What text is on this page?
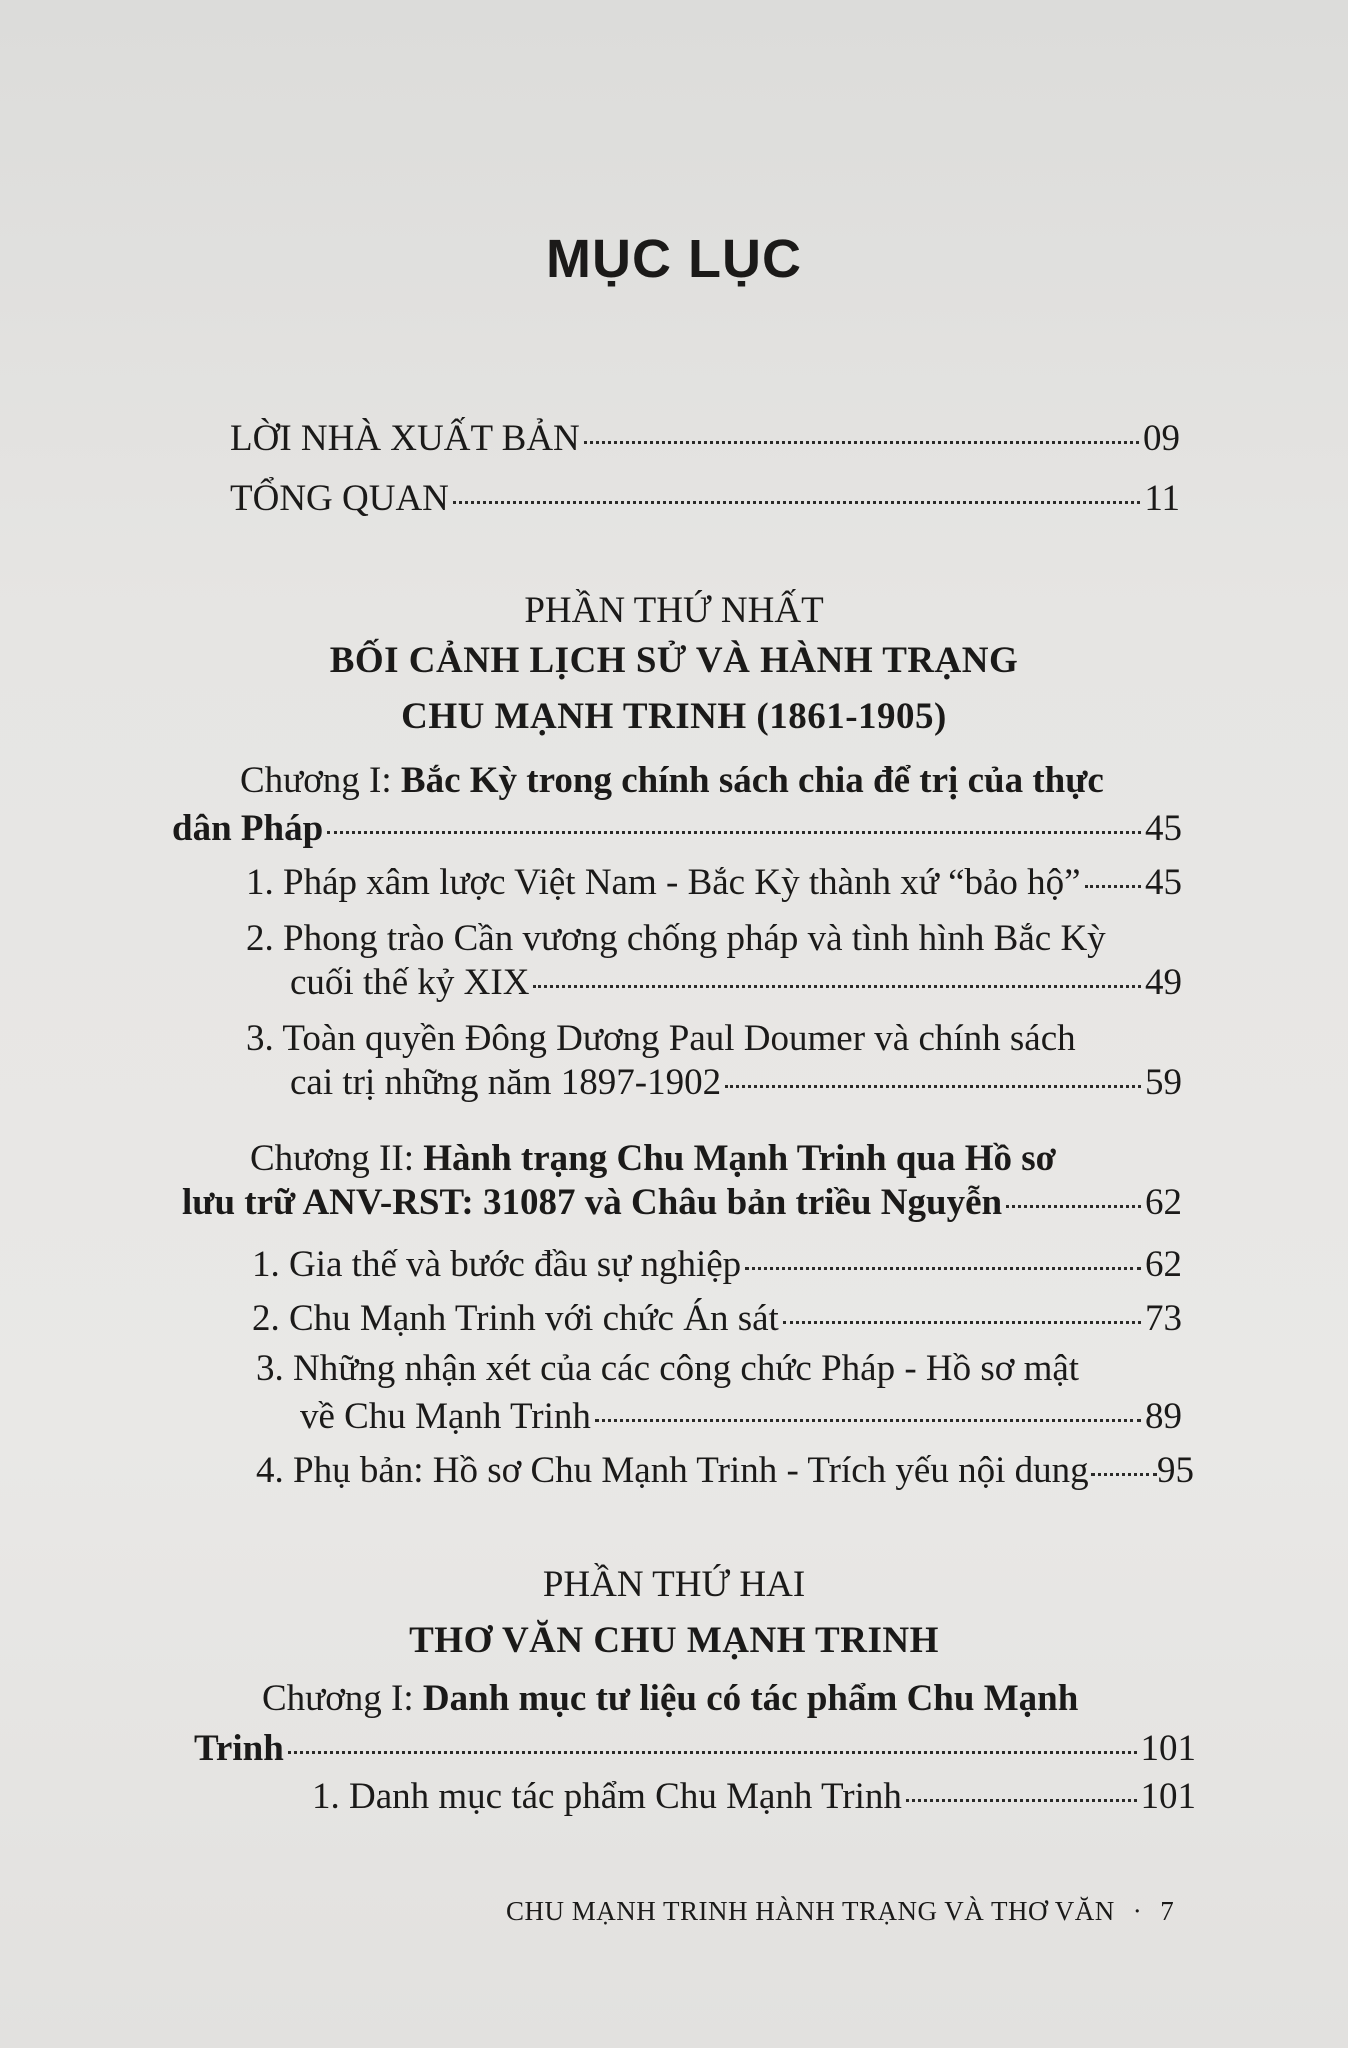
MỤC LỤC
LỜI NHÀ XUẤT BẢN	09
TỔNG QUAN	11
PHẦN THỨ NHẤT
BỐI CẢNH LỊCH SỬ VÀ HÀNH TRẠNG
CHU MẠNH TRINH (1861-1905)
Chương I: Bắc Kỳ trong chính sách chia để trị của thực
dân Pháp	45
1. Pháp xâm lược Việt Nam - Bắc Kỳ thành xứ “bảo hộ” 45
2. Phong trào Cần vương chống pháp và tình hình Bắc Kỳ
cuối thế kỷ XIX	49
3. Toàn quyền Đông Dương Paul Doumer và chính sách
cai trị những năm 1897-1902	59
Chương II: Hành trạng Chu Mạnh Trinh qua Hồ sơ
lưu trữ ANV-RST: 31087 và Châu bản triều Nguyễn	62
1. Gia thế và bước đầu sự nghiệp	62
2. Chu Mạnh Trinh với chức Án sát	73
3. Những nhận xét của các công chức Pháp - Hồ sơ mật
về Chu Mạnh Trinh	89
4. Phụ bản: Hồ sơ Chu Mạnh Trinh - Trích yếu nội dung 95
PHẦN THỨ HAI
THƠ VĂN CHU MẠNH TRINH
Chương I: Danh mục tư liệu có tác phẩm Chu Mạnh
Trinh	101
1. Danh mục tác phẩm Chu Mạnh Trinh	101
CHU MẠNH TRINH HÀNH TRẠNG VÀ THƠ VĂN · 7
